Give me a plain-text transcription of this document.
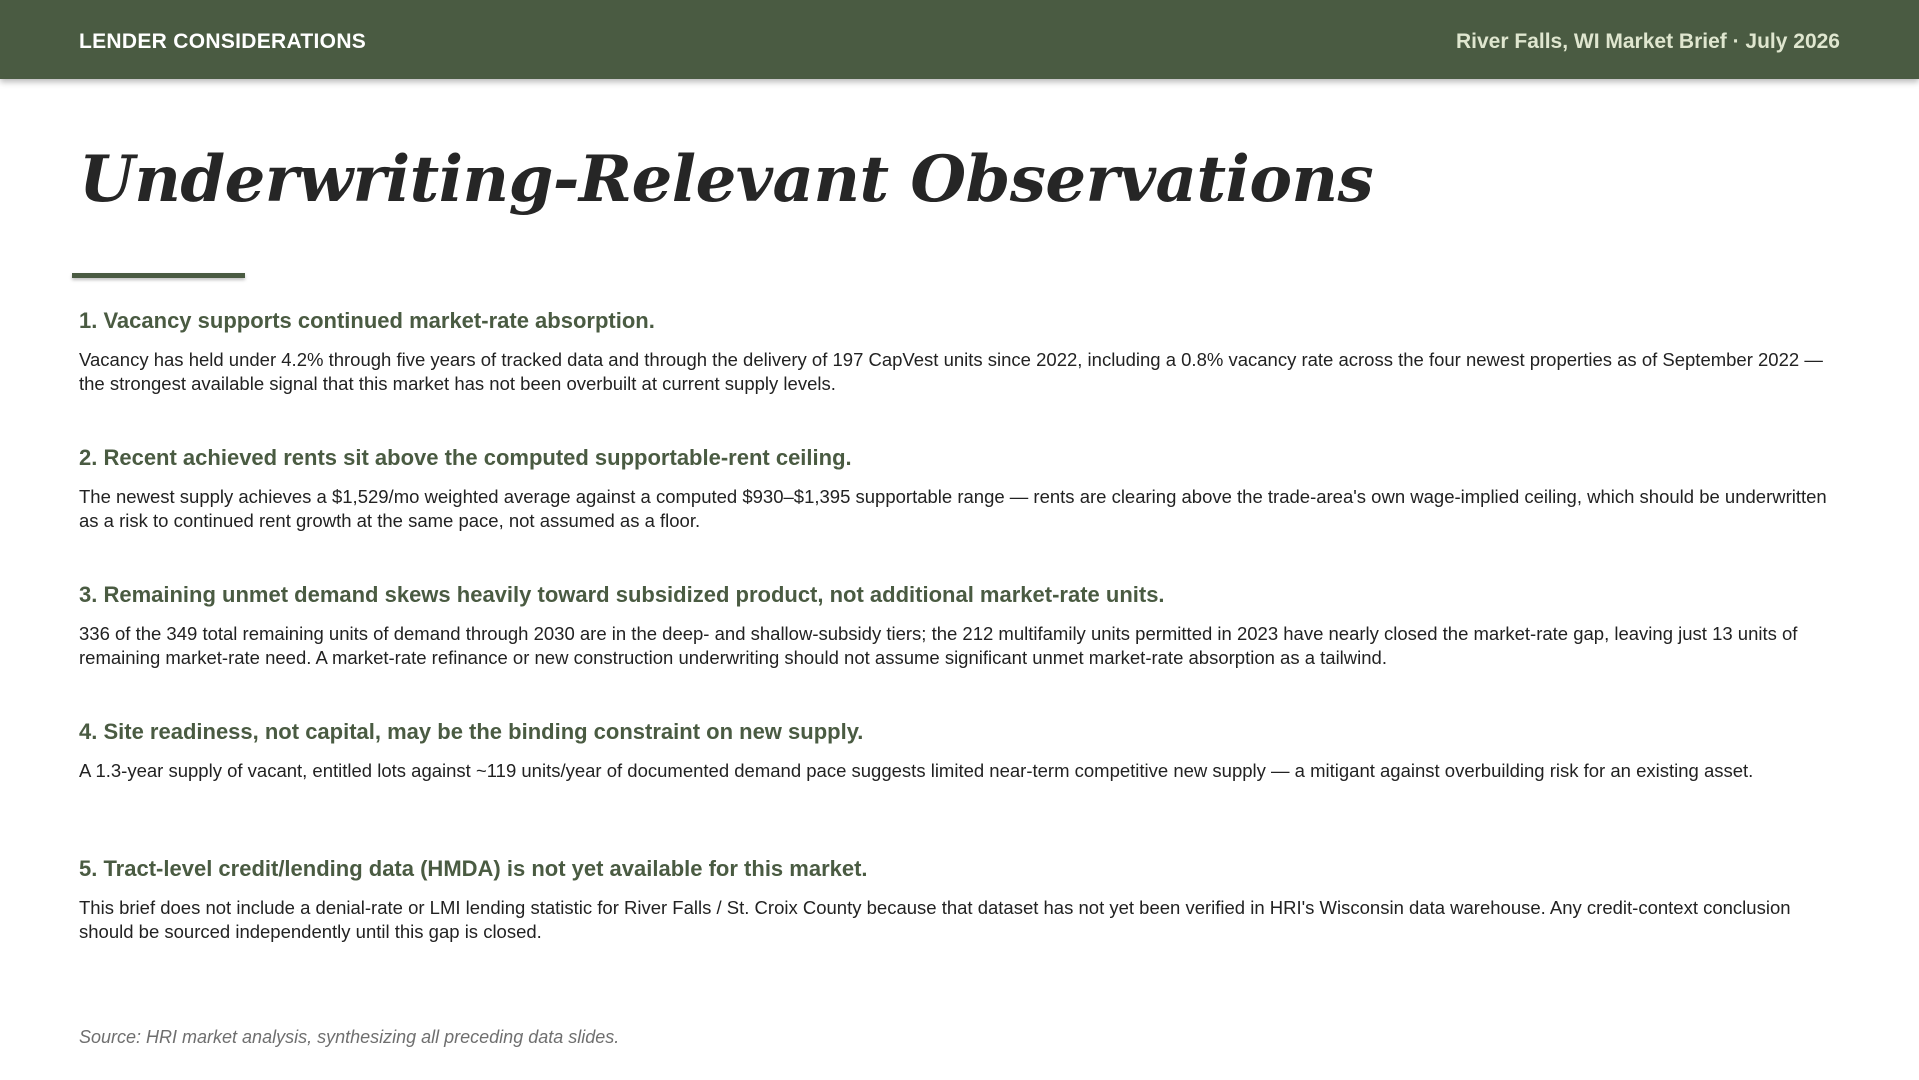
LENDER CONSIDERATIONS	River Falls, WI Market Brief · July 2026
Underwriting-Relevant Observations
1. Vacancy supports continued market-rate absorption.

Vacancy has held under 4.2% through five years of tracked data and through the delivery of 197 CapVest units since 2022, including a 0.8% vacancy rate across the four newest properties as of September 2022 — the strongest available signal that this market has not been overbuilt at current supply levels.

2. Recent achieved rents sit above the computed supportable-rent ceiling.

The newest supply achieves a $1,529/mo weighted average against a computed $930–$1,395 supportable range — rents are clearing above the trade-area's own wage-implied ceiling, which should be underwritten as a risk to continued rent growth at the same pace, not assumed as a floor.

3. Remaining unmet demand skews heavily toward subsidized product, not additional market-rate units.

336 of the 349 total remaining units of demand through 2030 are in the deep- and shallow-subsidy tiers; the 212 multifamily units permitted in 2023 have nearly closed the market-rate gap, leaving just 13 units of remaining market-rate need. A market-rate refinance or new construction underwriting should not assume significant unmet market-rate absorption as a tailwind.

4. Site readiness, not capital, may be the binding constraint on new supply.

A 1.3-year supply of vacant, entitled lots against ~119 units/year of documented demand pace suggests limited near-term competitive new supply — a mitigant against overbuilding risk for an existing asset.

5. Tract-level credit/lending data (HMDA) is not yet available for this market.

This brief does not include a denial-rate or LMI lending statistic for River Falls / St. Croix County because that dataset has not yet been verified in HRI's Wisconsin data warehouse. Any credit-context conclusion should be sourced independently until this gap is closed.

Source: HRI market analysis, synthesizing all preceding data slides.
